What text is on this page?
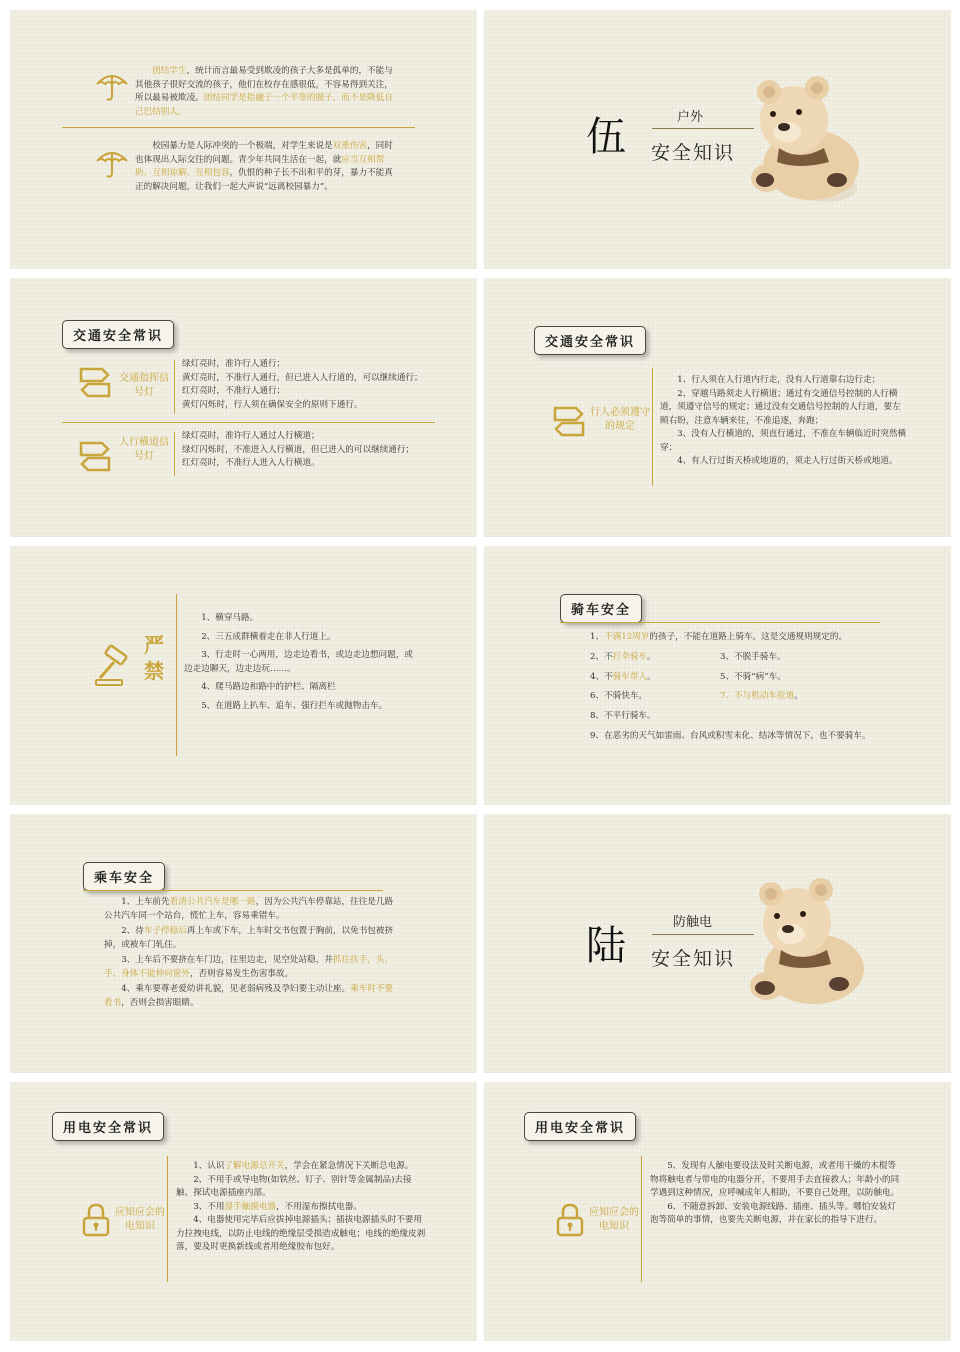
团结学生，统计而言最易受到欺凌的孩子大多是孤单的，不能与其他孩子很好交流的孩子，他们在校存在感很低，不容易得到关注，所以最易被欺凌。团结同学是指融于一个平等的圈子，而不是降低自己巴结别人。
校园暴力是人际冲突的一个极端，对学生来说是双重伤害，同时也体现出人际交往的问题。青少年共同生活在一起，就应当互相帮助、互相谅解、互相包容，仇恨的种子长不出和平的芽，暴力不能真正的解决问题，让我们一起大声说“远离校园暴力”。
伍	户外
安全知识
交通安全常识
交通指挥信号灯
绿灯亮时，准许行人通行；
黄灯亮时，不准行人通行，但已进入人行道的，可以继续通行；
红灯亮时，不准行人通行；
黄灯闪烁时，行人须在确保安全的原则下通行。
人行横道信号灯
绿灯亮时，准许行人通过人行横道；
绿灯闪烁时，不准进入人行横道，但已进入的可以继续通行；
红灯亮时，不准行人进入人行横道。
交通安全常识
行人必须遵守的规定
1、行人须在人行道内行走，没有人行道靠右边行走；
2、穿越马路须走人行横道；通过有交通信号控制的人行横道，须遵守信号的规定；通过没有交通信号控制的人行道，要左顾右盼，注意车辆来往，不准追逐，奔跑；
3、没有人行横道的，须直行通过，不准在车辆临近时突然横穿；
4、有人行过街天桥或地道的，须走人行过街天桥或地道。
严禁
1、横穿马路。
2、三五成群横着走在非人行道上。
3、行走时一心两用，边走边看书，或边走边想问题，或边走边聊天，边走边玩……。
4、爬马路边和路中的护栏、隔离栏
5、在道路上扒车、追车、强行拦车或抛物击车。
骑车安全
1、不满12周岁的孩子，不能在道路上骑车。这是交通规则规定的。
2、不打伞骑车。	3、不脱手骑车。
4、不骑车带人。	5、不骑“病”车。
6、不骑快车。	7、不与机动车抢道。
8、不平行骑车。
9、在恶劣的天气如雷雨、台风或积雪未化、结冰等情况下，也不要骑车。
乘车安全
1、上车前先看清公共汽车是哪一路，因为公共汽车停靠站，往往是几路公共汽车同一个站台，慌忙上车，容易乘错车。
2、待车子停稳后再上车或下车，上车时交书包置于胸前，以免书包被挤掉，或被车门轧住。
3、上车后不要挤在车门边，往里边走，见空处站稳，并抓住扶手，头、手、身体不能伸向窗外，否则容易发生伤害事故。
4、乘车要尊老爱幼讲礼貌，见老弱病残及孕妇要主动让座。乘车时不要看书，否则会损害眼睛。
陆
防触电
安全知识
用电安全常识
应知应会的电知识
1、认识了解电源总开关，学会在紧急情况下关断总电源。
2、不用手或导电物(如铁丝、钉子、别针等金属制品)去接触、探试电源插座内部。
3、不用湿手触摸电器，不用湿布擦拭电器。
4、电器使用完毕后应拔掉电源插头；插拔电源插头时不要用力拉拽电线，以防止电线的绝缘层受损造成触电；电线的绝缘皮剥落，要及时更换新线或者用绝缘胶布包好。
用电安全常识
应知应会的电知识
5、发现有人触电要设法及时关断电源，或者用干燥的木棍等物将触电者与带电的电器分开，不要用手去直接救人；年龄小的同学遇到这种情况，应呼喊成年人相助，不要自己处理，以防触电。
6、不随意拆卸、安装电源线路、插座、插头等。哪怕安装灯泡等简单的事情，也要先关断电源，并在家长的指导下进行。
